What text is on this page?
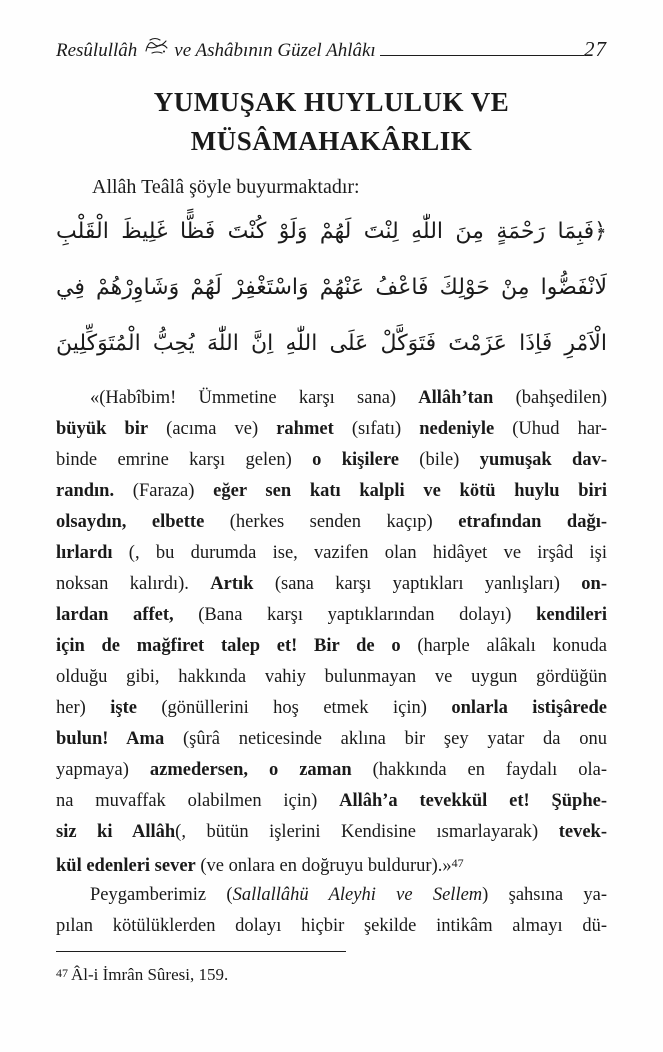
Resûlullâh ve Ashâbının Güzel Ahlâkı	27
YUMUŞAK HUYLULUK VE
MÜSÂMAHAKÂRLIK
Allâh Teâlâ şöyle buyurmaktadır:
﴿فَبِمَا رَحْمَةٍ مِنَ اللّٰهِ لِنْتَ لَهُمْ وَلَوْ كُنْتَ فَظًّا غَلِيظَ الْقَلْبِ
لَانْفَضُّوا مِنْ حَوْلِكَ فَاعْفُ عَنْهُمْ وَاسْتَغْفِرْ لَهُمْ وَشَاوِرْهُمْ فِي
الْاَمْرِ فَاِذَا عَزَمْتَ فَتَوَكَّلْ عَلَى اللّٰهِ اِنَّ اللّٰهَ يُحِبُّ الْمُتَوَكِّلِينَ
«(Habîbim! Ümmetine karşı sana) Allâh’tan (bahşedilen)
büyük bir (acıma ve) rahmet (sıfatı) nedeniyle (Uhud har-
binde emrine karşı gelen) o kişilere (bile) yumuşak dav-
randın. (Faraza) eğer sen katı kalpli ve kötü huylu biri
olsaydın, elbette (herkes senden kaçıp) etrafından dağı-
lırlardı (, bu durumda ise, vazifen olan hidâyet ve irşâd işi
noksan kalırdı). Artık (sana karşı yaptıkları yanlışları) on-
lardan affet, (Bana karşı yaptıklarından dolayı) kendileri
için de mağfiret talep et! Bir de o (harple alâkalı konuda
olduğu gibi, hakkında vahiy bulunmayan ve uygun gördüğün
her) işte (gönüllerini hoş etmek için) onlarla istişârede
bulun! Ama (şûrâ neticesinde aklına bir şey yatar da onu
yapmaya) azmedersen, o zaman (hakkında en faydalı ola-
na muvaffak olabilmen için) Allâh’a tevekkül et! Şüphe-
siz ki Allâh(, bütün işlerini Kendisine ısmarlayarak) tevek-
kül edenleri sever (ve onlara en doğruyu buldurur).»$^{47}$
Peygamberimiz (Sallallâhü Aleyhi ve Sellem) şahsına ya-
pılan kötülüklerden dolayı hiçbir şekilde intikâm almayı dü-
47 Âl-i İmrân Sûresi, 159.
